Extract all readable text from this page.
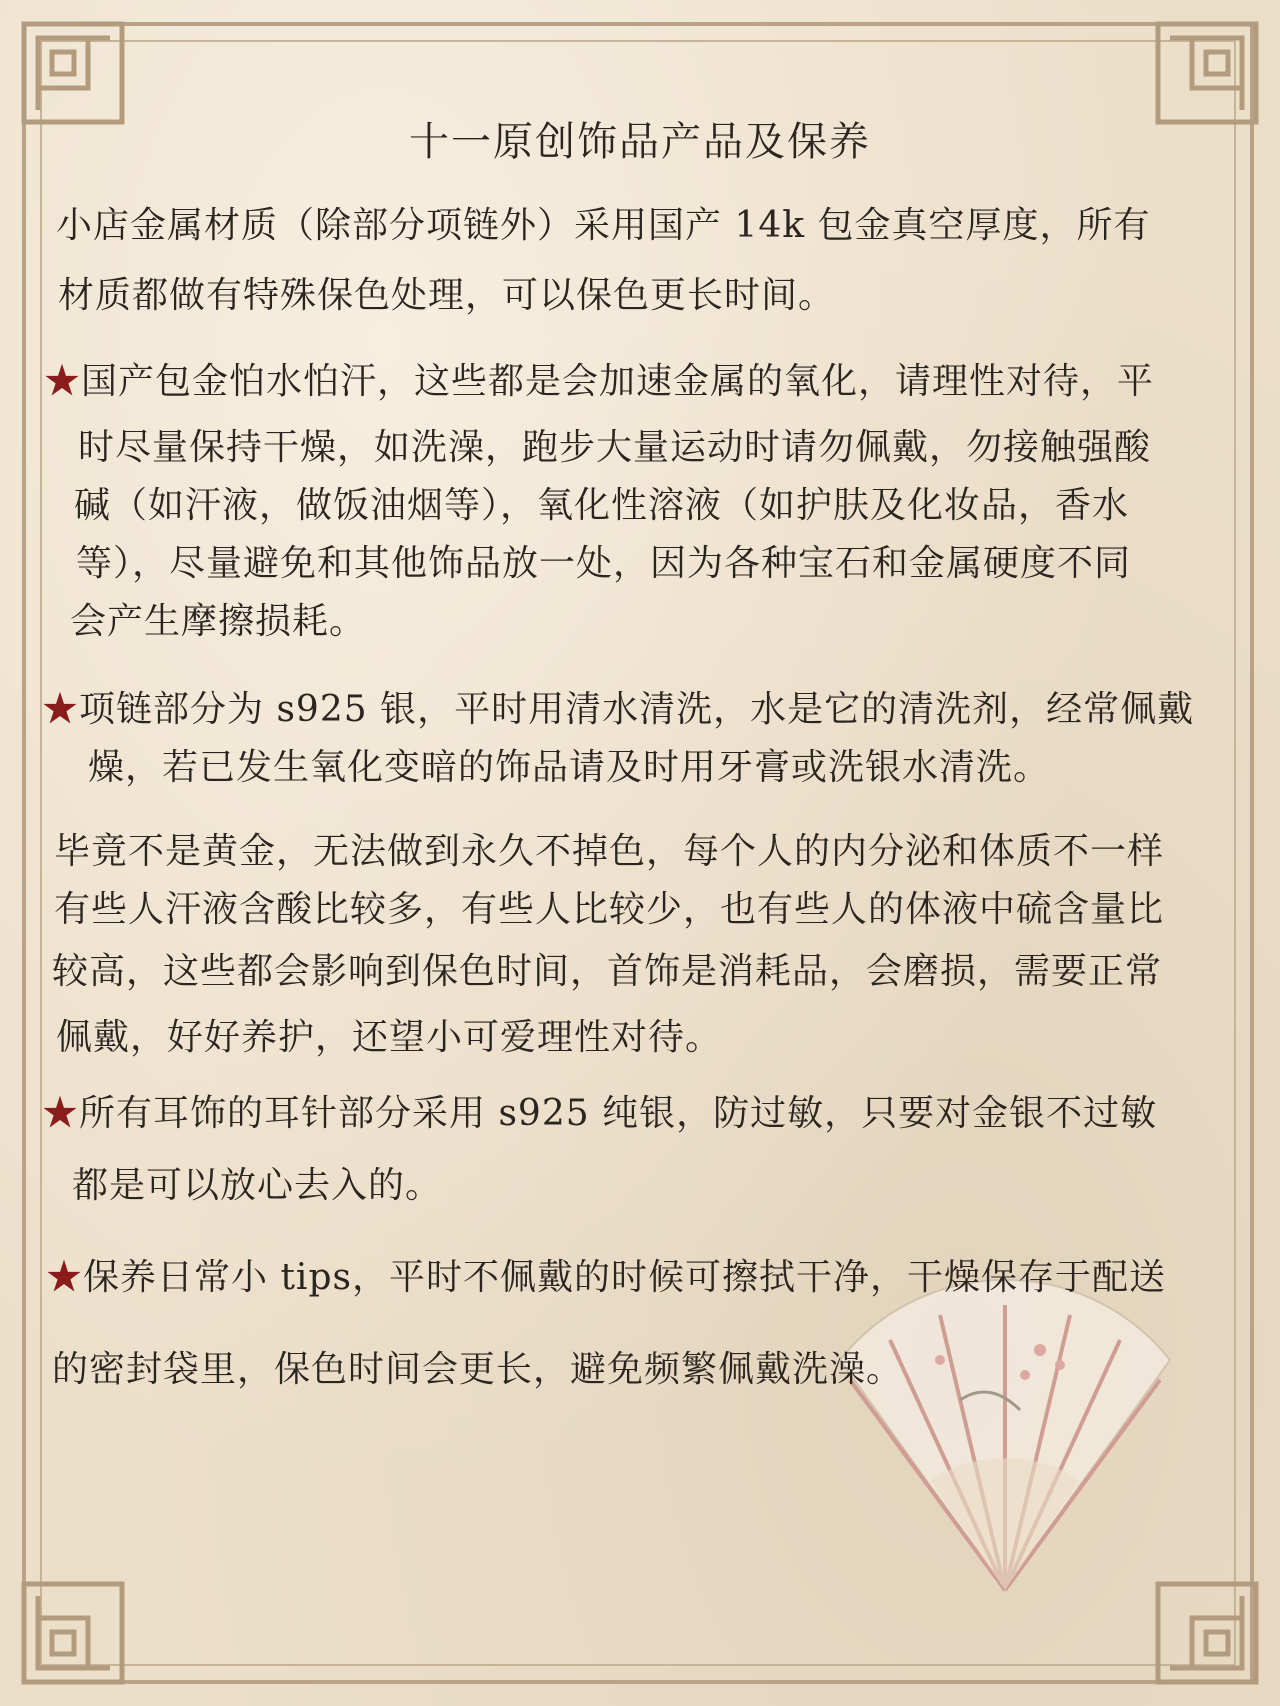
十一原创饰品产品及保养
小店金属材质（除部分项链外）采用国产 14k 包金真空厚度，所有
材质都做有特殊保色处理，可以保色更长时间。
★国产包金怕水怕汗，这些都是会加速金属的氧化，请理性对待，平
时尽量保持干燥，如洗澡，跑步大量运动时请勿佩戴，勿接触强酸
碱（如汗液，做饭油烟等），氧化性溶液（如护肤及化妆品，香水
等），尽量避免和其他饰品放一处，因为各种宝石和金属硬度不同
会产生摩擦损耗。
★项链部分为 s925 银，平时用清水清洗，水是它的清洗剂，经常佩戴
燥，若已发生氧化变暗的饰品请及时用牙膏或洗银水清洗。
毕竟不是黄金，无法做到永久不掉色，每个人的内分泌和体质不一样
有些人汗液含酸比较多，有些人比较少，也有些人的体液中硫含量比
较高，这些都会影响到保色时间，首饰是消耗品，会磨损，需要正常
佩戴，好好养护，还望小可爱理性对待。
★所有耳饰的耳针部分采用 s925 纯银，防过敏，只要对金银不过敏
都是可以放心去入的。
★保养日常小 tips，平时不佩戴的时候可擦拭干净，干燥保存于配送
的密封袋里，保色时间会更长，避免频繁佩戴洗澡。
